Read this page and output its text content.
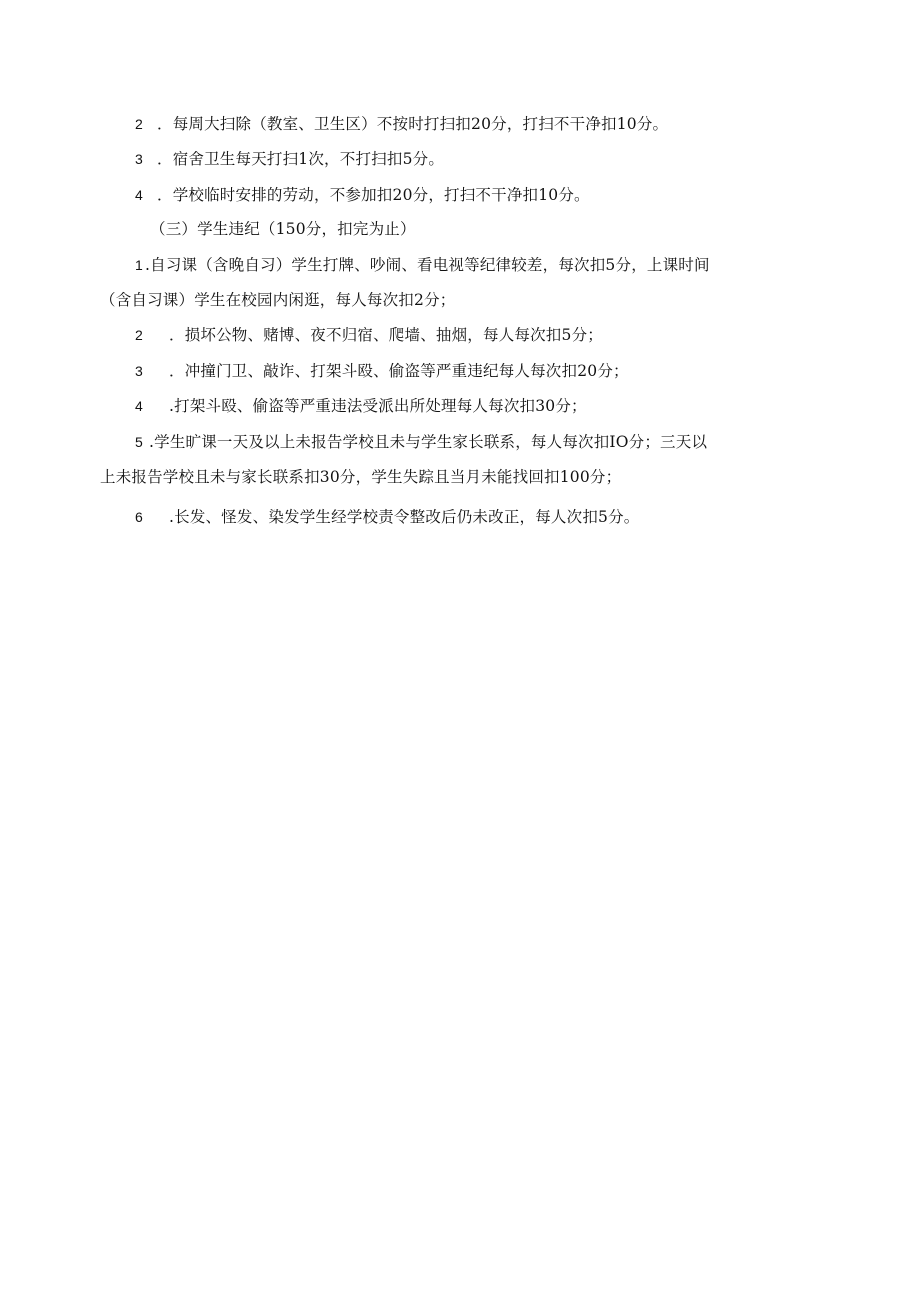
2 ．每周大扫除（教室、卫生区）不按时打扫扣20分，打扫不干净扣10分。
3 ．宿舍卫生每天打扫1次，不打扫扣5分。
4 ．学校临时安排的劳动，不参加扣20分，打扫不干净扣10分。
（三）学生违纪（150分，扣完为止）
1 .自习课（含晚自习）学生打牌、吵闹、看电视等纪律较差，每次扣5分，上课时间
（含自习课）学生在校园内闲逛，每人每次扣2分；
2 ．损坏公物、赌博、夜不归宿、爬墙、抽烟，每人每次扣5分；
3 ．冲撞门卫、敲诈、打架斗殴、偷盗等严重违纪每人每次扣20分；
4 .打架斗殴、偷盗等严重违法受派出所处理每人每次扣30分；
5 .学生旷课一天及以上未报告学校且未与学生家长联系，每人每次扣IO分；三天以
上未报告学校且未与家长联系扣30分，学生失踪且当月未能找回扣100分；
6 .长发、怪发、染发学生经学校责令整改后仍未改正，每人次扣5分。
